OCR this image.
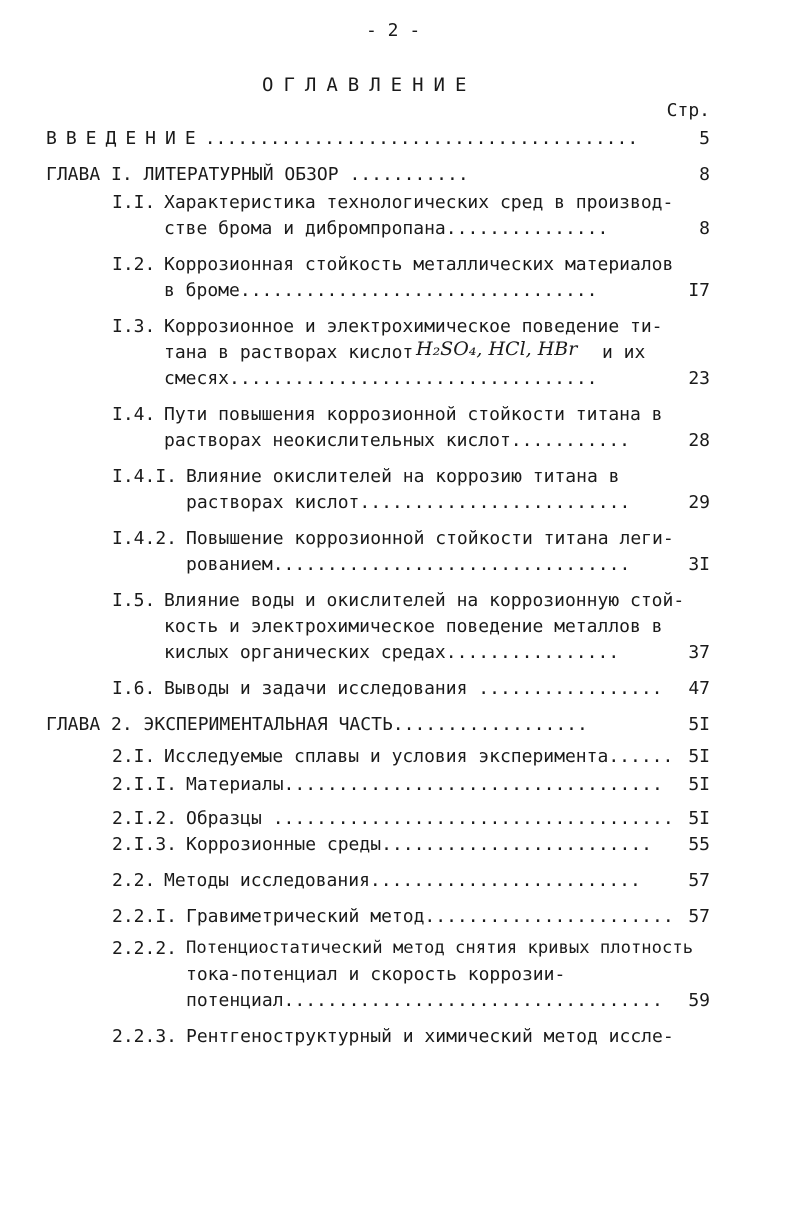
- 2 -
ОГЛАВЛЕНИЕ
Стр.
ВВЕДЕНИЕ........................................	5
ГЛАВА I. ЛИТЕРАТУРНЫЙ ОБЗОР ...........	8
I.I. Характеристика технологических сред в производ-
стве брома и дибромпропана...............	8
I.2. Коррозионная стойкость металлических материалов
в броме.................................	I7
I.3. Коррозионное и электрохимическое поведение ти-
тана в растворах кислот H₂SO₄, HCl, HBr и их
смесях..................................	23
I.4. Пути повышения коррозионной стойкости титана в
растворах неокислительных кислот...........	28
I.4.I. Влияние окислителей на коррозию титана в
растворах кислот.........................	29
I.4.2. Повышение коррозионной стойкости титана леги-
рованием.................................	3I
I.5. Влияние воды и окислителей на коррозионную стой-
кость и электрохимическое поведение металлов в
кислых органических средах................	37
I.6. Выводы и задачи исследования ................. 47
ГЛАВА 2. ЭКСПЕРИМЕНТАЛЬНАЯ ЧАСТЬ..................	5I
2.I. Исследуемые сплавы и условия эксперимента...... 5I
2.I.I. Материалы................................... 5I
2.I.2. Образцы ..................................... 5I
2.I.3. Коррозионные среды......................... 55
2.2. Методы исследования.........................	57
2.2.I. Гравиметрический метод....................... 57
2.2.2. Потенциостатический метод снятия кривых плотность
тока-потенциал и скорость коррозии-
потенциал................................... 59
2.2.3. Рентгеноструктурный и химический метод иссле-
